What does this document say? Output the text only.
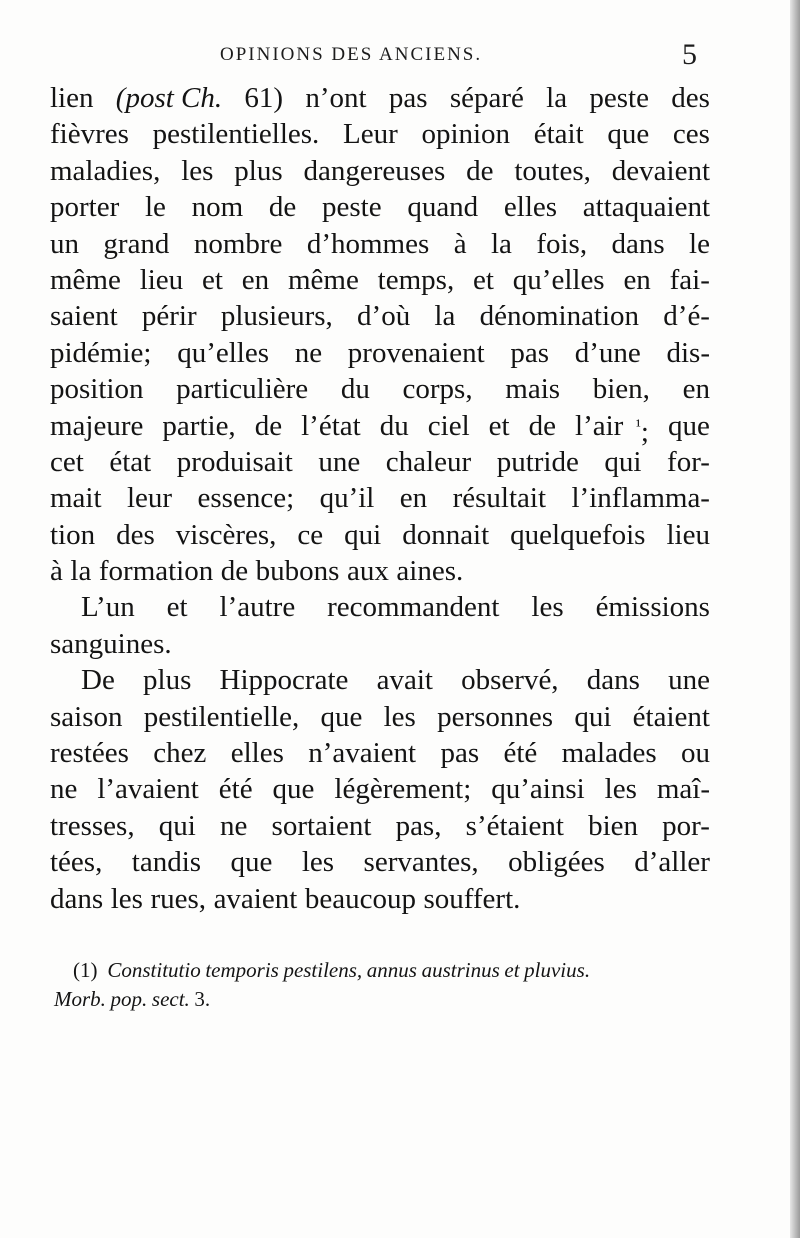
OPINIONS DES ANCIENS.	5
lien (post Ch. 61) n’ont pas séparé la peste des
fièvres pestilentielles. Leur opinion était que ces
maladies, les plus dangereuses de toutes, devaient
porter le nom de peste quand elles attaquaient
un grand nombre d’hommes à la fois, dans le
même lieu et en même temps, et qu’elles en fai-
saient périr plusieurs, d’où la dénomination d’é-
pidémie; qu’elles ne provenaient pas d’une dis-
position particulière du corps, mais bien, en
majeure partie, de l’état du ciel et de l’air $^{^1}$; que
cet état produisait une chaleur putride qui for-
mait leur essence; qu’il en résultait l’inflamma-
tion des viscères, ce qui donnait quelquefois lieu
à la formation de bubons aux aines.
L’un et l’autre recommandent les émissions
sanguines.
De plus Hippocrate avait observé, dans une
saison pestilentielle, que les personnes qui étaient
restées chez elles n’avaient pas été malades ou
ne l’avaient été que légèrement; qu’ainsi les maî-
tresses, qui ne sortaient pas, s’étaient bien por-
tées, tandis que les servantes, obligées d’aller
dans les rues, avaient beaucoup souffert.
(1) Constitutio temporis pestilens, annus austrinus et pluvius.
Morb. pop. sect. 3.
